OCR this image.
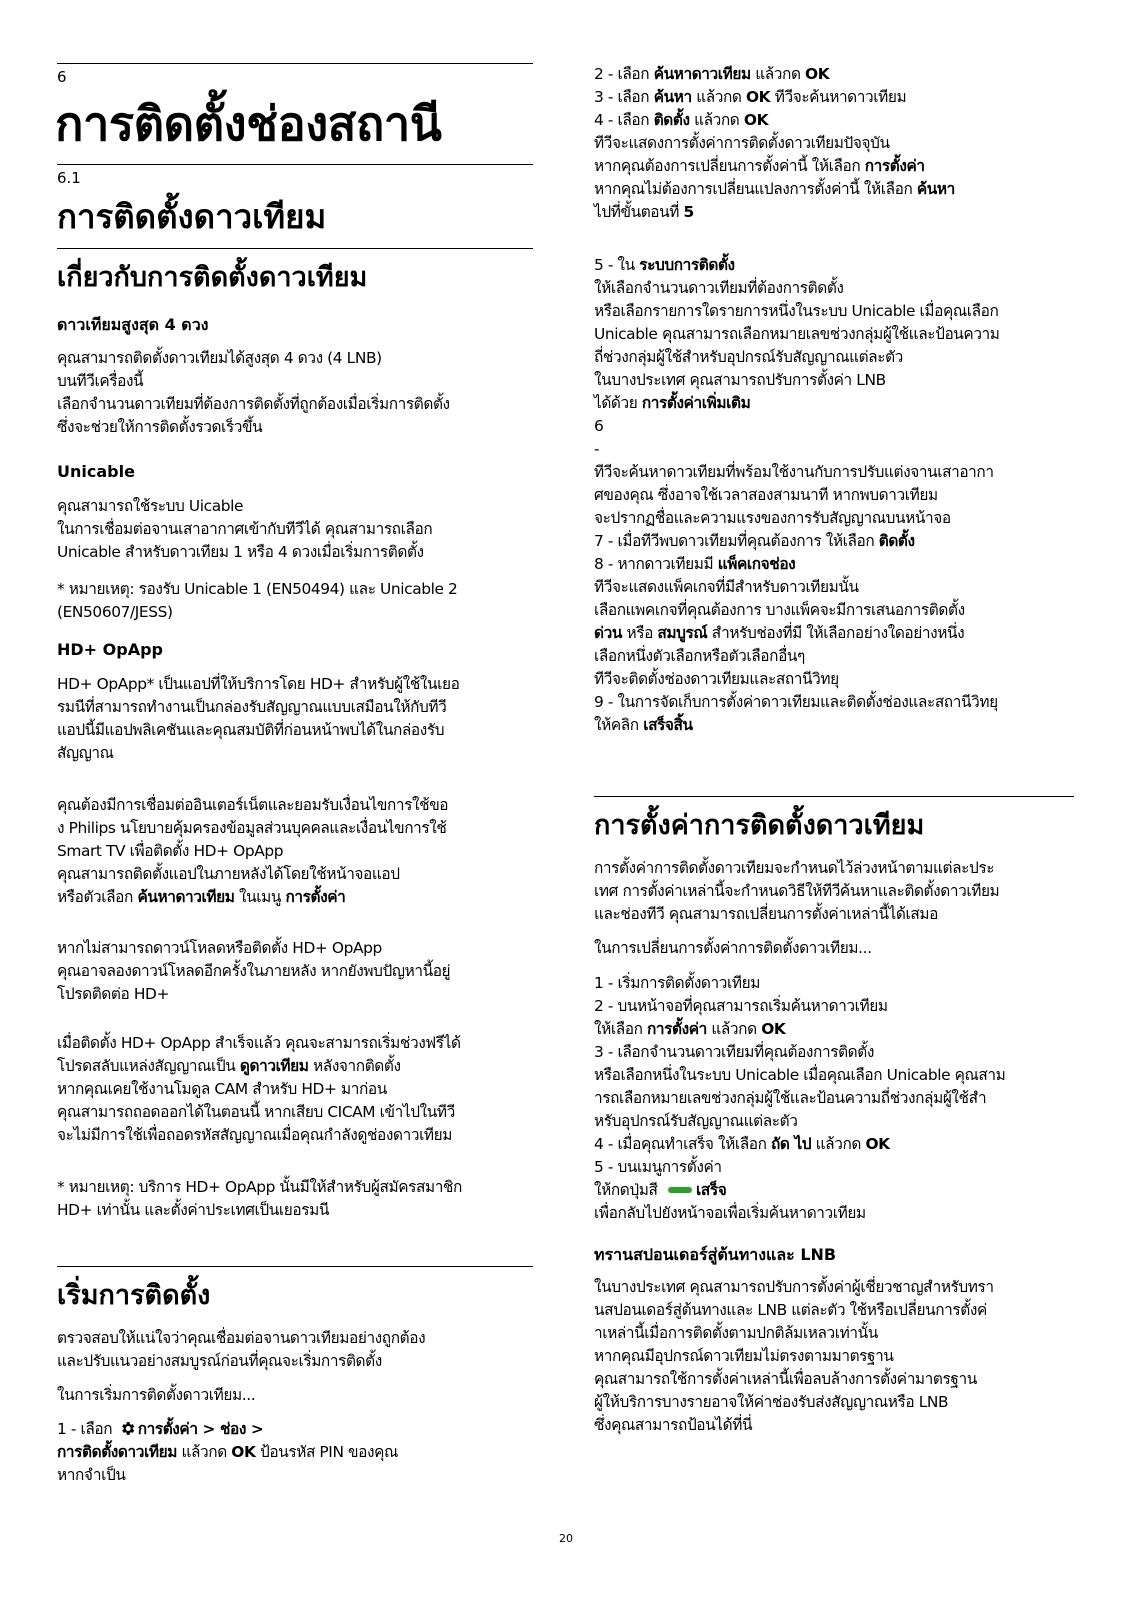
6
การติดตั้งช่องสถานี
6.1
การติดตั้งดาวเทียม
เกี่ยวกับการติดตั้งดาวเทียม
ดาวเทียมสูงสุด 4 ดวง
คุณสามารถติดตั้งดาวเทียมได้สูงสุด 4 ดวง (4 LNB)
บนทีวีเครื่องนี้
เลือกจำนวนดาวเทียมที่ต้องการติดตั้งที่ถูกต้องเมื่อเริ่มการติดตั้ง
ซึ่งจะช่วยให้การติดตั้งรวดเร็วขึ้น
Unicable
คุณสามารถใช้ระบบ Uicable
ในการเชื่อมต่อจานเสาอากาศเข้ากับทีวีได้ คุณสามารถเลือก
Unicable สำหรับดาวเทียม 1 หรือ 4 ดวงเมื่อเริ่มการติดตั้ง
* หมายเหตุ: รองรับ Unicable 1 (EN50494) และ Unicable 2
(EN50607/JESS)
HD+ OpApp
HD+ OpApp* เป็นแอปที่ให้บริการโดย HD+ สำหรับผู้ใช้ในเยอ
รมนีที่สามารถทำงานเป็นกล่องรับสัญญาณแบบเสมือนให้กับทีวี
แอปนี้มีแอปพลิเคชันและคุณสมบัติที่ก่อนหน้าพบได้ในกล่องรับ
สัญญาณ
คุณต้องมีการเชื่อมต่ออินเตอร์เน็ตและยอมรับเงื่อนไขการใช้ขอ
ง Philips นโยบายคุ้มครองข้อมูลส่วนบุคคลและเงื่อนไขการใช้
Smart TV เพื่อติดตั้ง HD+ OpApp
คุณสามารถติดตั้งแอปในภายหลังได้โดยใช้หน้าจอแอป
หรือตัวเลือก ค้นหาดาวเทียม ในเมนู การตั้งค่า
หากไม่สามารถดาวน์โหลดหรือติดตั้ง HD+ OpApp
คุณอาจลองดาวน์โหลดอีกครั้งในภายหลัง หากยังพบปัญหานี้อยู่
โปรดติดต่อ HD+
เมื่อติดตั้ง HD+ OpApp สำเร็จแล้ว คุณจะสามารถเริ่มช่วงฟรีได้
โปรดสลับแหล่งสัญญาณเป็น ดูดาวเทียม หลังจากติดตั้ง
หากคุณเคยใช้งานโมดูล CAM สำหรับ HD+ มาก่อน
คุณสามารถถอดออกได้ในตอนนี้ หากเสียบ CICAM เข้าไปในทีวี
จะไม่มีการใช้เพื่อถอดรหัสสัญญาณเมื่อคุณกำลังดูช่องดาวเทียม
* หมายเหตุ: บริการ HD+ OpApp นั้นมีให้สำหรับผู้สมัครสมาชิก
HD+ เท่านั้น และตั้งค่าประเทศเป็นเยอรมนี
เริ่มการติดตั้ง
ตรวจสอบให้แน่ใจว่าคุณเชื่อมต่อจานดาวเทียมอย่างถูกต้อง
และปรับแนวอย่างสมบูรณ์ก่อนที่คุณจะเริ่มการติดตั้ง
ในการเริ่มการติดตั้งดาวเทียม...
1 - เลือก การตั้งค่า > ช่อง >
การติดตั้งดาวเทียม แล้วกด OK ป้อนรหัส PIN ของคุณ
หากจำเป็น
2 - เลือก ค้นหาดาวเทียม แล้วกด OK
3 - เลือก ค้นหา แล้วกด OK ทีวีจะค้นหาดาวเทียม
4 - เลือก ติดตั้ง แล้วกด OK
ทีวีจะแสดงการตั้งค่าการติดตั้งดาวเทียมปัจจุบัน
หากคุณต้องการเปลี่ยนการตั้งค่านี้ ให้เลือก การตั้งค่า
หากคุณไม่ต้องการเปลี่ยนแปลงการตั้งค่านี้ ให้เลือก ค้นหา
ไปที่ขั้นตอนที่ 5
5 - ใน ระบบการติดตั้ง
ให้เลือกจำนวนดาวเทียมที่ต้องการติดตั้ง
หรือเลือกรายการใดรายการหนึ่งในระบบ Unicable เมื่อคุณเลือก
Unicable คุณสามารถเลือกหมายเลขช่วงกลุ่มผู้ใช้และป้อนความ
ถี่ช่วงกลุ่มผู้ใช้สำหรับอุปกรณ์รับสัญญาณแต่ละตัว
ในบางประเทศ คุณสามารถปรับการตั้งค่า LNB
ได้ด้วย การตั้งค่าเพิ่มเติม
6
-
ทีวีจะค้นหาดาวเทียมที่พร้อมใช้งานกับการปรับแต่งจานเสาอากา
ศของคุณ ซึ่งอาจใช้เวลาสองสามนาที หากพบดาวเทียม
จะปรากฏชื่อและความแรงของการรับสัญญาณบนหน้าจอ
7 - เมื่อทีวีพบดาวเทียมที่คุณต้องการ ให้เลือก ติดตั้ง
8 - หากดาวเทียมมี แพ็คเกจช่อง
ทีวีจะแสดงแพ็คเกจที่มีสำหรับดาวเทียมนั้น
เลือกแพคเกจที่คุณต้องการ บางแพ็คจะมีการเสนอการติดตั้ง
ด่วน หรือ สมบูรณ์ สำหรับช่องที่มี ให้เลือกอย่างใดอย่างหนึ่ง
เลือกหนึ่งตัวเลือกหรือตัวเลือกอื่นๆ
ทีวีจะติดตั้งช่องดาวเทียมและสถานีวิทยุ
9 - ในการจัดเก็บการตั้งค่าดาวเทียมและติดตั้งช่องและสถานีวิทยุ
ให้คลิก เสร็จสิ้น
การตั้งค่าการติดตั้งดาวเทียม
การตั้งค่าการติดตั้งดาวเทียมจะกำหนดไว้ล่วงหน้าตามแต่ละประ
เทศ การตั้งค่าเหล่านี้จะกำหนดวิธีให้ทีวีค้นหาและติดตั้งดาวเทียม
และช่องทีวี คุณสามารถเปลี่ยนการตั้งค่าเหล่านี้ได้เสมอ
ในการเปลี่ยนการตั้งค่าการติดตั้งดาวเทียม...
1 - เริ่มการติดตั้งดาวเทียม
2 - บนหน้าจอที่คุณสามารถเริ่มค้นหาดาวเทียม
ให้เลือก การตั้งค่า แล้วกด OK
3 - เลือกจำนวนดาวเทียมที่คุณต้องการติดตั้ง
หรือเลือกหนึ่งในระบบ Unicable เมื่อคุณเลือก Unicable คุณสาม
ารถเลือกหมายเลขช่วงกลุ่มผู้ใช้และป้อนความถี่ช่วงกลุ่มผู้ใช้สำ
หรับอุปกรณ์รับสัญญาณแต่ละตัว
4 - เมื่อคุณทำเสร็จ ให้เลือก ถัด ไป แล้วกด OK
5 - บนเมนูการตั้งค่า
ให้กดปุ่มสี เสร็จ
เพื่อกลับไปยังหน้าจอเพื่อเริ่มค้นหาดาวเทียม
ทรานสปอนเดอร์สู่ต้นทางและ LNB
ในบางประเทศ คุณสามารถปรับการตั้งค่าผู้เชี่ยวชาญสำหรับทรา
นสปอนเดอร์สู่ต้นทางและ LNB แต่ละตัว ใช้หรือเปลี่ยนการตั้งค่
าเหล่านี้เมื่อการติดตั้งตามปกติล้มเหลวเท่านั้น
หากคุณมีอุปกรณ์ดาวเทียมไม่ตรงตามมาตรฐาน
คุณสามารถใช้การตั้งค่าเหล่านี้เพื่อลบล้างการตั้งค่ามาตรฐาน
ผู้ให้บริการบางรายอาจให้ค่าช่องรับส่งสัญญาณหรือ LNB
ซึ่งคุณสามารถป้อนได้ที่นี่
20
